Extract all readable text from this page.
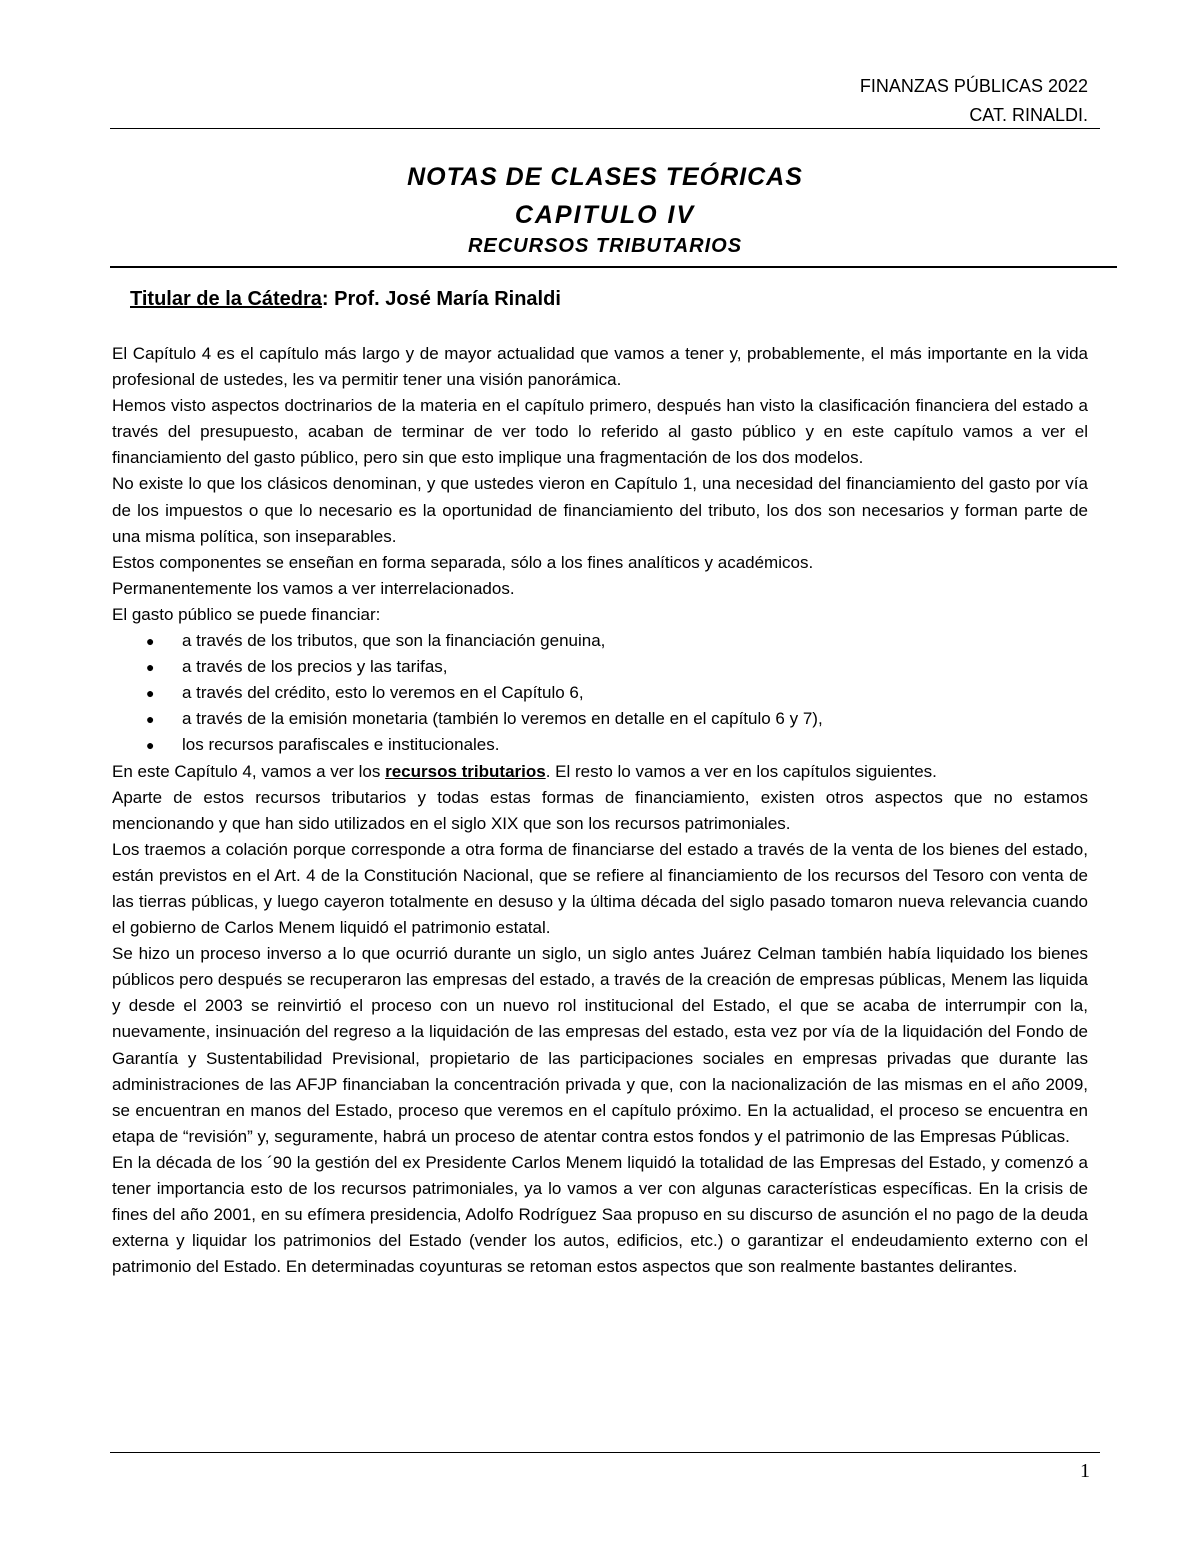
FINANZAS PÚBLICAS 2022
CAT. RINALDI.
NOTAS DE CLASES TEÓRICAS
CAPITULO IV
RECURSOS TRIBUTARIOS
Titular de la Cátedra: Prof. José María Rinaldi

El Capítulo 4 es el capítulo más largo y de mayor actualidad que vamos a tener y, probablemente, el más importante en la vida profesional de ustedes, les va permitir tener una visión panorámica.

Hemos visto aspectos doctrinarios de la materia en el capítulo primero, después han visto la clasificación financiera del estado a través del presupuesto, acaban de terminar de ver todo lo referido al gasto público y en este capítulo vamos a ver el financiamiento del gasto público, pero sin que esto implique una fragmentación de los dos modelos.

No existe lo que los clásicos denominan, y que ustedes vieron en Capítulo 1, una necesidad del financiamiento del gasto por vía de los impuestos o que lo necesario es la oportunidad de financiamiento del tributo, los dos son necesarios y forman parte de una misma política, son inseparables.

Estos componentes se enseñan en forma separada, sólo a los fines analíticos y académicos.

Permanentemente los vamos a ver interrelacionados.

El gasto público se puede financiar:

● a través de los tributos, que son la financiación genuina,
● a través de los precios y las tarifas,
● a través del crédito, esto lo veremos en el Capítulo 6,
● a través de la emisión monetaria (también lo veremos en detalle en el capítulo 6 y 7),
● los recursos parafiscales e institucionales.

En este Capítulo 4, vamos a ver los recursos tributarios. El resto lo vamos a ver en los capítulos siguientes.

Aparte de estos recursos tributarios y todas estas formas de financiamiento, existen otros aspectos que no estamos mencionando y que han sido utilizados en el siglo XIX que son los recursos patrimoniales.

Los traemos a colación porque corresponde a otra forma de financiarse del estado a través de la venta de los bienes del estado, están previstos en el Art. 4 de la Constitución Nacional, que se refiere al financiamiento de los recursos del Tesoro con venta de las tierras públicas, y luego cayeron totalmente en desuso y la última década del siglo pasado tomaron nueva relevancia cuando el gobierno de Carlos Menem liquidó el patrimonio estatal.

Se hizo un proceso inverso a lo que ocurrió durante un siglo, un siglo antes Juárez Celman también había liquidado los bienes públicos pero después se recuperaron las empresas del estado, a través de la creación de empresas públicas, Menem las liquida y desde el 2003 se reinvirtió el proceso con un nuevo rol institucional del Estado, el que se acaba de interrumpir con la, nuevamente, insinuación del regreso a la liquidación de las empresas del estado, esta vez por vía de la liquidación del Fondo de Garantía y Sustentabilidad Previsional, propietario de las participaciones sociales en empresas privadas que durante las administraciones de las AFJP financiaban la concentración privada y que, con la nacionalización de las mismas en el año 2009, se encuentran en manos del Estado, proceso que veremos en el capítulo próximo. En la actualidad, el proceso se encuentra en etapa de “revisión” y, seguramente, habrá un proceso de atentar contra estos fondos y el patrimonio de las Empresas Públicas.

En la década de los ´90 la gestión del ex Presidente Carlos Menem liquidó la totalidad de las Empresas del Estado, y comenzó a tener importancia esto de los recursos patrimoniales, ya lo vamos a ver con algunas características específicas. En la crisis de fines del año 2001, en su efímera presidencia, Adolfo Rodríguez Saa propuso en su discurso de asunción el no pago de la deuda externa y liquidar los patrimonios del Estado (vender los autos, edificios, etc.) o garantizar el endeudamiento externo con el patrimonio del Estado. En determinadas coyunturas se retoman estos aspectos que son realmente bastantes delirantes.

1
